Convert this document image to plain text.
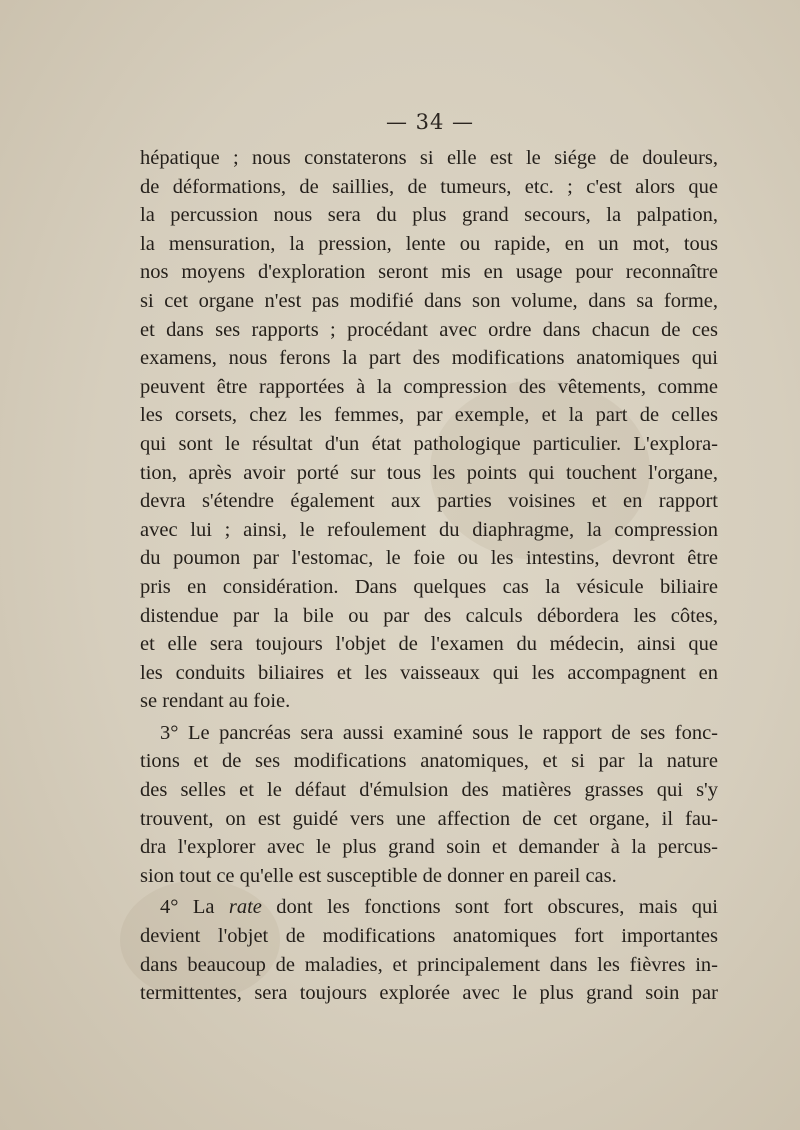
— 34 —
hépatique ; nous constaterons si elle est le siége de douleurs,
de déformations, de saillies, de tumeurs, etc. ; c'est alors que
la percussion nous sera du plus grand secours, la palpation,
la mensuration, la pression, lente ou rapide, en un mot, tous
nos moyens d'exploration seront mis en usage pour reconnaître
si cet organe n'est pas modifié dans son volume, dans sa forme,
et dans ses rapports ; procédant avec ordre dans chacun de ces
examens, nous ferons la part des modifications anatomiques qui
peuvent être rapportées à la compression des vêtements, comme
les corsets, chez les femmes, par exemple, et la part de celles
qui sont le résultat d'un état pathologique particulier. L'explora-
tion, après avoir porté sur tous les points qui touchent l'organe,
devra s'étendre également aux parties voisines et en rapport
avec lui ; ainsi, le refoulement du diaphragme, la compression
du poumon par l'estomac, le foie ou les intestins, devront être
pris en considération. Dans quelques cas la vésicule biliaire
distendue par la bile ou par des calculs débordera les côtes,
et elle sera toujours l'objet de l'examen du médecin, ainsi que
les conduits biliaires et les vaisseaux qui les accompagnent en
se rendant au foie.
3° Le pancréas sera aussi examiné sous le rapport de ses fonc-
tions et de ses modifications anatomiques, et si par la nature
des selles et le défaut d'émulsion des matières grasses qui s'y
trouvent, on est guidé vers une affection de cet organe, il fau-
dra l'explorer avec le plus grand soin et demander à la percus-
sion tout ce qu'elle est susceptible de donner en pareil cas.
4° La rate dont les fonctions sont fort obscures, mais qui
devient l'objet de modifications anatomiques fort importantes
dans beaucoup de maladies, et principalement dans les fièvres in-
termittentes, sera toujours explorée avec le plus grand soin par
